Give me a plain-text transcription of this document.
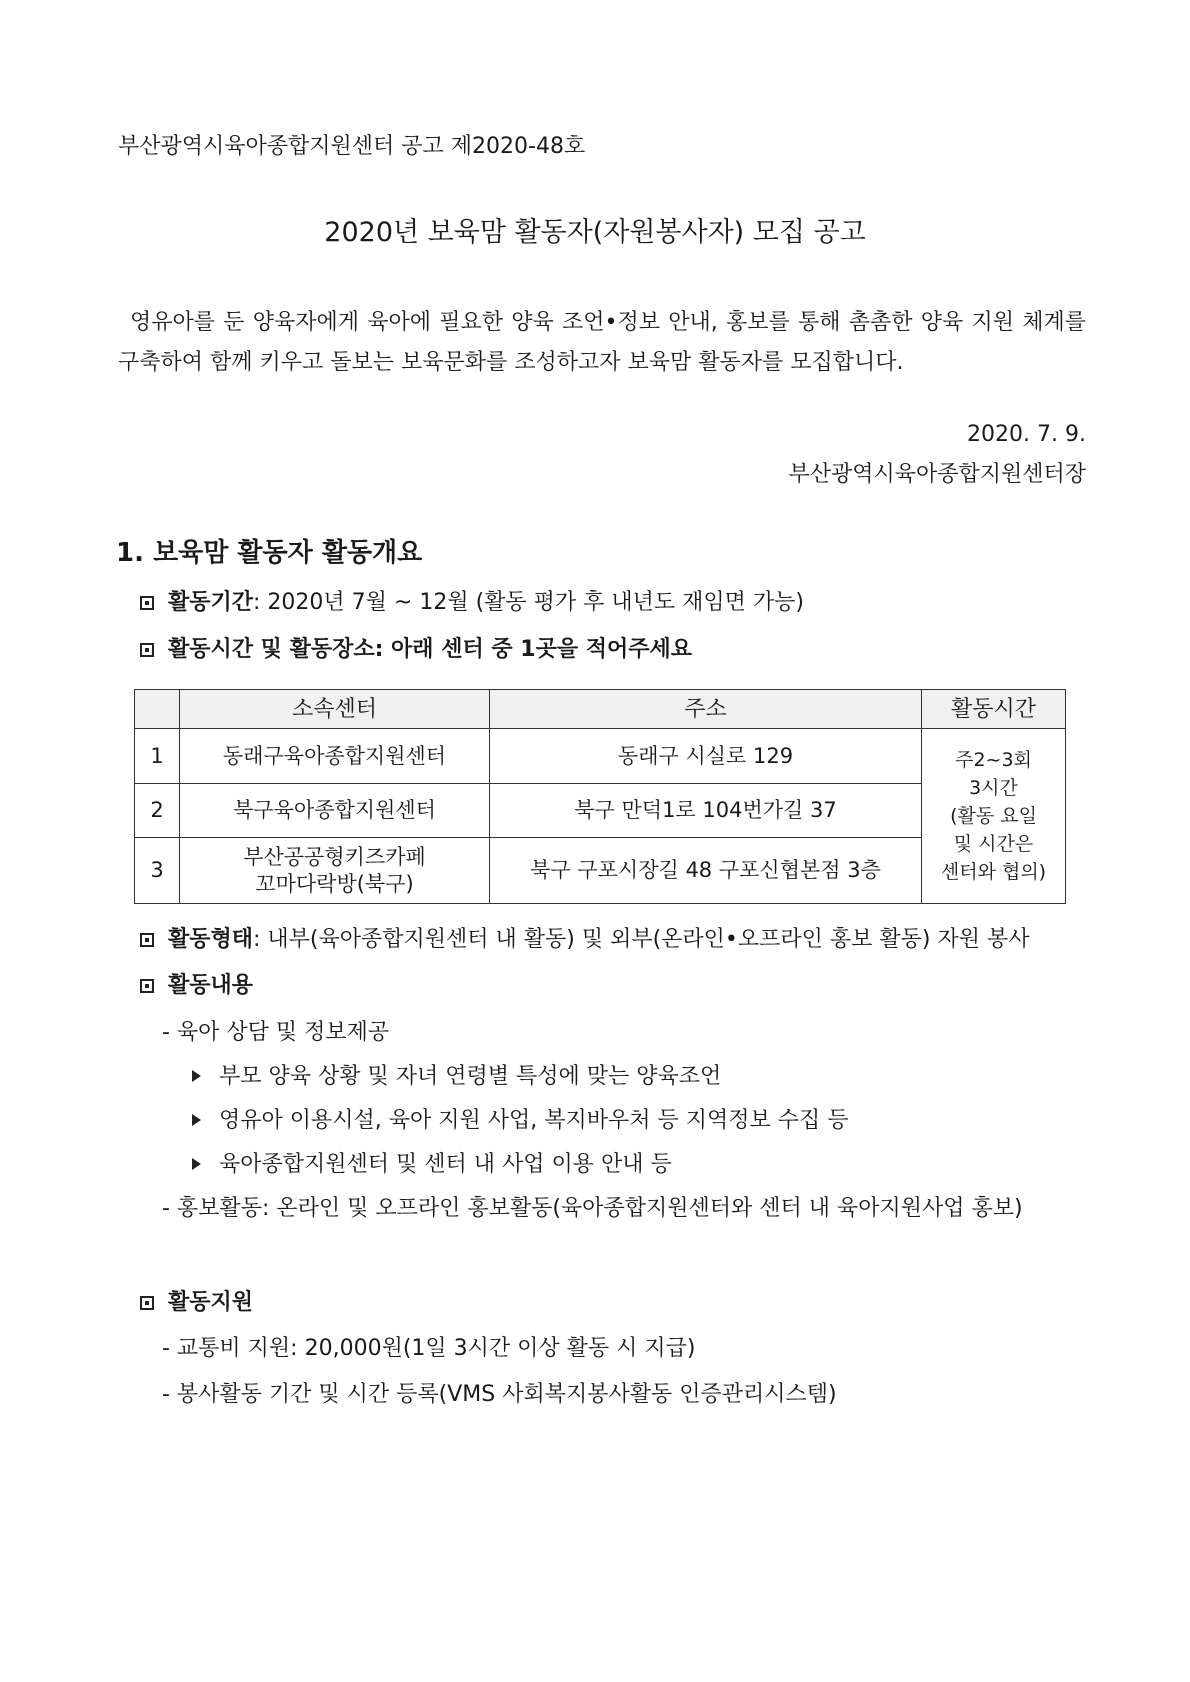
부산광역시육아종합지원센터 공고 제2020-48호
2020년 보육맘 활동자(자원봉사자) 모집 공고
영유아를 둔 양육자에게 육아에 필요한 양육 조언•정보 안내, 홍보를 통해 촘촘한 양육 지원 체계를 구축하여 함께 키우고 돌보는 보육문화를 조성하고자 보육맘 활동자를 모집합니다.
2020. 7. 9.
부산광역시육아종합지원센터장
1. 보육맘 활동자 활동개요
활동기간: 2020년 7월 ~ 12월 (활동 평가 후 내년도 재임면 가능)
활동시간 및 활동장소: 아래 센터 중 1곳을 적어주세요
	소속센터	주소	활동시간
1	동래구육아종합지원센터	동래구 시실로 129	주2~3회
3시간
(활동 요일
및 시간은
센터와 협의)

2	북구육아종합지원센터	북구 만덕1로 104번가길 37	
3	부산공공형키즈카페
꼬마다락방(북구)	북구 구포시장길 48 구포신협본점 3층	
활동형태: 내부(육아종합지원센터 내 활동) 및 외부(온라인•오프라인 홍보 활동) 자원 봉사
활동내용
- 육아 상담 및 정보제공
부모 양육 상황 및 자녀 연령별 특성에 맞는 양육조언
영유아 이용시설, 육아 지원 사업, 복지바우처 등 지역정보 수집 등
육아종합지원센터 및 센터 내 사업 이용 안내 등
- 홍보활동: 온라인 및 오프라인 홍보활동(육아종합지원센터와 센터 내 육아지원사업 홍보)
활동지원
- 교통비 지원: 20,000원(1일 3시간 이상 활동 시 지급)
- 봉사활동 기간 및 시간 등록(VMS 사회복지봉사활동 인증관리시스템)
